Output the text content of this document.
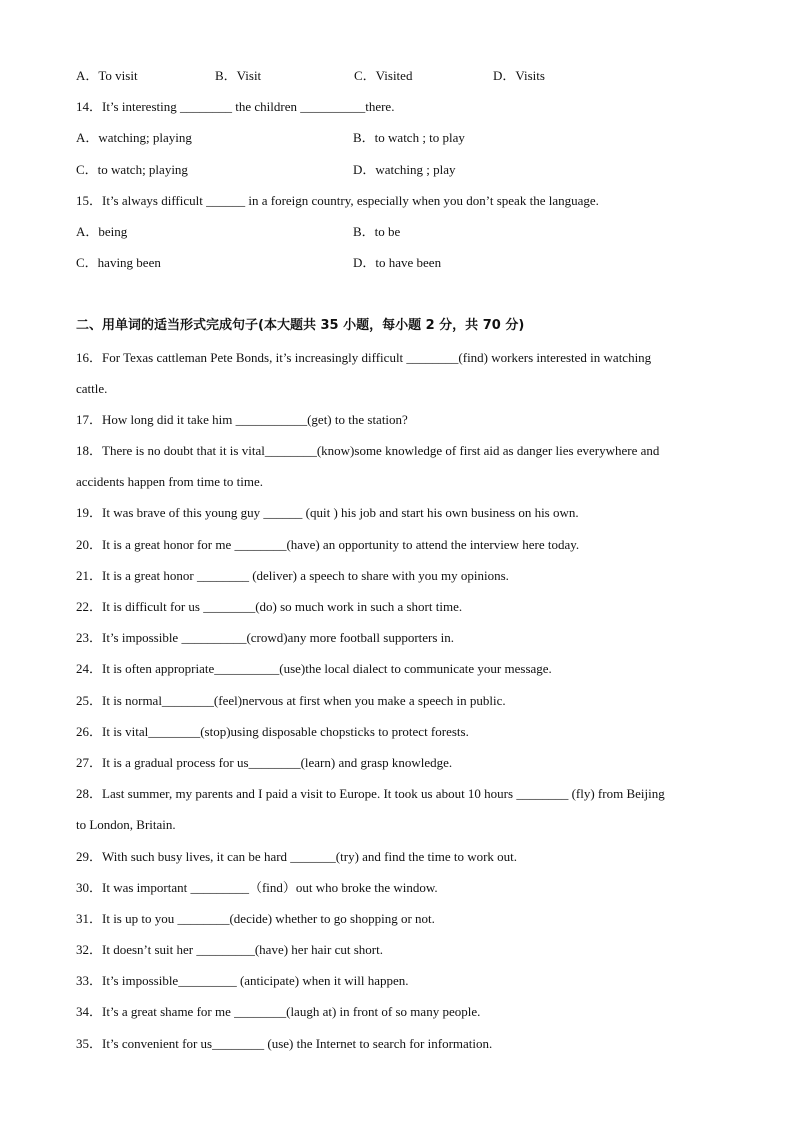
A．To visit	B．Visit	C．Visited	D．Visits
14．It’s interesting ________ the children __________there.
A．watching; playing	B．to watch ; to play
C．to watch; playing	D．watching ; play
15．It’s always difficult ______ in a foreign country, especially when you don’t speak the language.
A．being	B．to be
C．having been	D．to have been
二、用单词的适当形式完成句子(本大题共 35 小题，每小题 2 分，共 70 分)
16．For Texas cattleman Pete Bonds, it’s increasingly difficult ________(find) workers interested in watching
cattle.
17．How long did it take him ___________(get) to the station?
18．There is no doubt that it is vital________(know)some knowledge of first aid as danger lies everywhere and
accidents happen from time to time.
19．It was brave of this young guy ______ (quit ) his job and start his own business on his own.
20．It is a great honor for me ________(have) an opportunity to attend the interview here today.
21．It is a great honor ________ (deliver) a speech to share with you my opinions.
22．It is difficult for us ________(do) so much work in such a short time.
23．It’s impossible __________(crowd)any more football supporters in.
24．It is often appropriate__________(use)the local dialect to communicate your message.
25．It is normal________(feel)nervous at first when you make a speech in public.
26．It is vital________(stop)using disposable chopsticks to protect forests.
27．It is a gradual process for us________(learn) and grasp knowledge.
28．Last summer, my parents and I paid a visit to Europe. It took us about 10 hours ________ (fly) from Beijing
to London, Britain.
29．With such busy lives, it can be hard _______(try) and find the time to work out.
30．It was important _________（find）out who broke the window.
31．It is up to you ________(decide) whether to go shopping or not.
32．It doesn’t suit her _________(have) her hair cut short.
33．It’s impossible_________ (anticipate) when it will happen.
34．It’s a great shame for me ________(laugh at) in front of so many people.
35．It’s convenient for us________ (use) the Internet to search for information.
